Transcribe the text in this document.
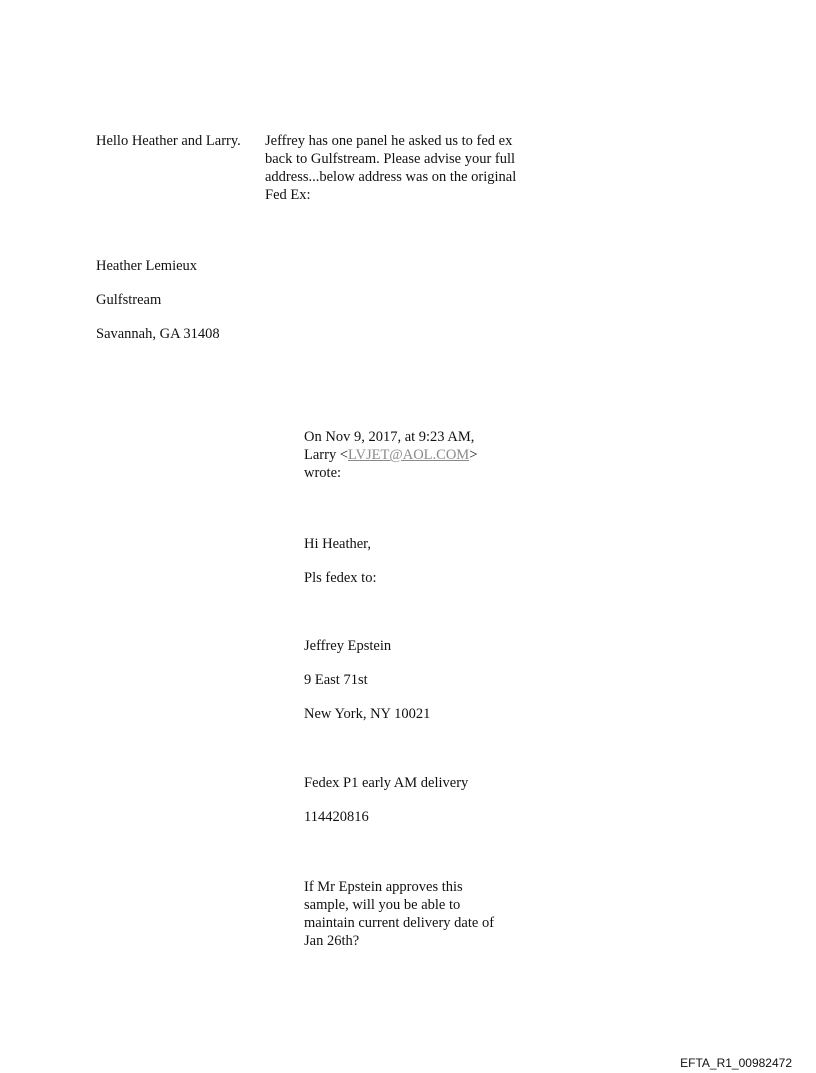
Hello Heather and Larry. Jeffrey has one panel he asked us to fed ex
back to Gulfstream. Please advise your full
address...below address was on the original
Fed Ex:
Heather Lemieux
Gulfstream
Savannah, GA 31408
On Nov 9, 2017, at 9:23 AM,
Larry <LVJET@AOL.COM>
wrote:
Hi Heather,
Pls fedex to:
Jeffrey Epstein
9 East 71st
New York, NY 10021
Fedex P1 early AM delivery
114420816
If Mr Epstein approves this
sample, will you be able to
maintain current delivery date of
Jan 26th?
EFTA_R1_00982472
